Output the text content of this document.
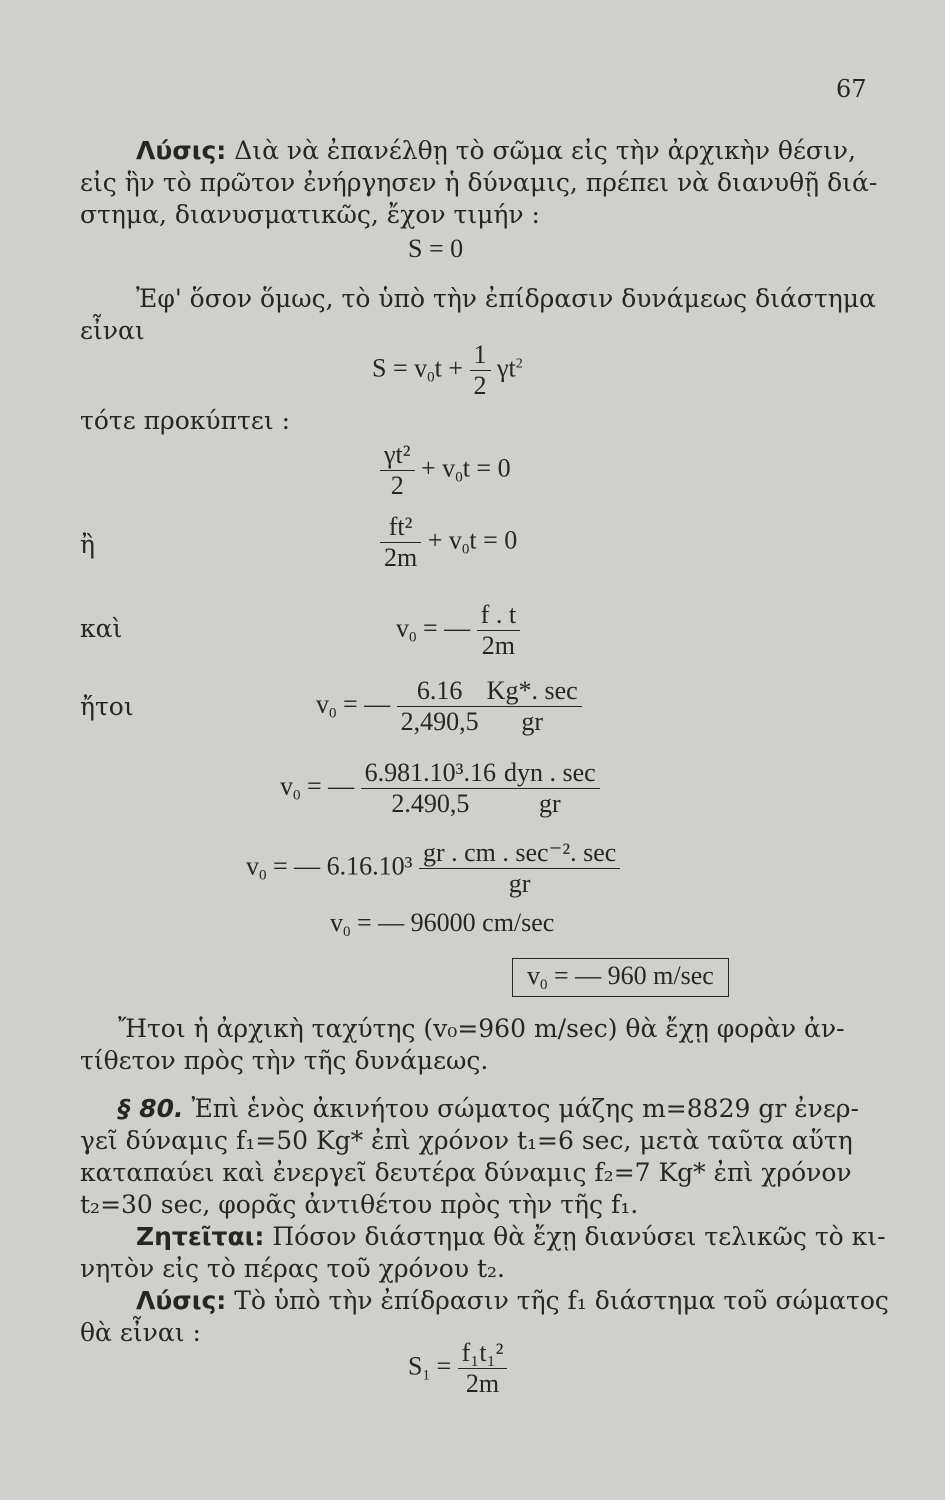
67
Λύσις: Διὰ νὰ ἐπανέλθῃ τὸ σῶμα εἰς τὴν ἀρχικὴν θέσιν,
εἰς ἣν τὸ πρῶτον ἐνήργησεν ἡ δύναμις, πρέπει νὰ διανυθῇ διά-
στημα, διανυσματικῶς, ἔχον τιμήν :
S = 0
Ἐφ' ὅσον ὅμως, τὸ ὑπὸ τὴν ἐπίδρασιν δυνάμεως διάστημα
εἶναι
$S = v_0t + \frac{1}{2} \gamma t^2$
τότε προκύπτει :
$\frac{\text{γt²}}{2} + v_0t = 0$
ἢ	$\frac{\text{ft²}}{2m} + v_0t = 0$
καὶ	$v_0$ = — $\frac{f . t}{2m}$
ἤτοι	$v_0$ = — $\frac{6.16}{2,490,5} \frac{Kg*. \sec}{gr}$
$v_0$ = — $\frac{\text{6.981.10³.16}}{2.490,5} \frac{\text{dyn . sec}}{gr}$
$v_0$ = — $6.16.10^3 \frac{\text{gr . cm . sec⁻². sec}}{gr}$
$v_0$ = — 96000 cm/sec
$v_0$ = — 960 m/sec
Ἤτοι ἡ ἀρχικὴ ταχύτης (v₀=960 m/sec) θὰ ἔχῃ φορὰν ἀν-
τίθετον πρὸς τὴν τῆς δυνάμεως.
§ 80. Ἐπὶ ἑνὸς ἀκινήτου σώματος μάζης m=8829 gr ἐνερ-
γεῖ δύναμις f₁=50 Kg* ἐπὶ χρόνον t₁=6 sec, μετὰ ταῦτα αὕτη
καταπαύει καὶ ἐνεργεῖ δευτέρα δύναμις f₂=7 Kg* ἐπὶ χρόνον
t₂=30 sec, φορᾶς ἀντιθέτου πρὸς τὴν τῆς f₁.
Ζητεῖται: Πόσον διάστημα θὰ ἔχῃ διανύσει τελικῶς τὸ κι-
νητὸν εἰς τὸ πέρας τοῦ χρόνου t₂.
Λύσις: Τὸ ὑπὸ τὴν ἐπίδρασιν τῆς f₁ διάστημα τοῦ σώματος
θὰ εἶναι :
$S_1 = \frac{\text{f₁t₁²}}{2m}$
